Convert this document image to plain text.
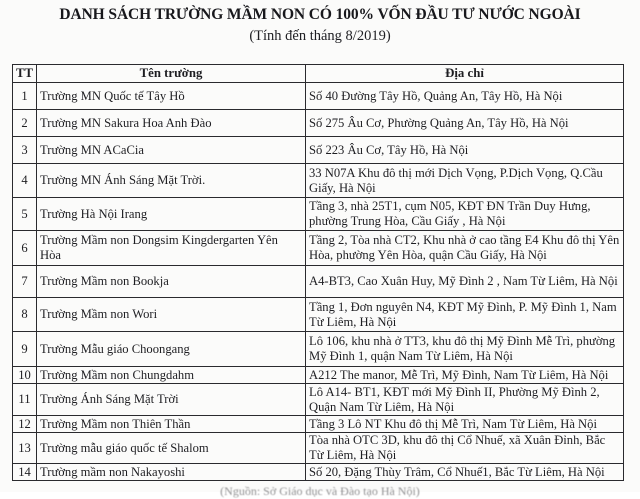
DANH SÁCH TRƯỜNG MẦM NON CÓ 100% VỐN ĐẦU TƯ NƯỚC NGOÀI
(Tính đến tháng 8/2019)
TT	Tên trường	Địa chỉ
1	Trường MN Quốc tế Tây Hồ	Số 40 Đường Tây Hồ, Quảng An, Tây Hồ, Hà Nội
2	Trường MN Sakura Hoa Anh Đào	Số 275 Âu Cơ, Phường Quảng An, Tây Hồ, Hà Nội
3	Trường MN ACaCia	Số 223 Âu Cơ, Tây Hồ, Hà Nội
4	Trường MN Ánh Sáng Mặt Trời.	33 N07A Khu đô thị mới Dịch Vọng, P.Dịch Vọng, Q.Cầu Giấy, Hà Nội
5	Trường Hà Nội Irang	Tầng 3, nhà 25T1, cụm N05, KĐT ĐN Trần Duy Hưng, phường Trung Hòa, Cầu Giấy , Hà Nội
6	Trường Mầm non Dongsim Kingdergarten Yên Hòa	Tầng 2, Tòa nhà CT2, Khu nhà ở cao tầng E4 Khu đô thị Yên Hòa, phường Yên Hòa, quận Cầu Giấy, Hà Nội
7	Trường Mầm non Bookja	A4-BT3, Cao Xuân Huy, Mỹ Đình 2 , Nam Từ Liêm, Hà Nội
8	Trường Mầm non Wori	Tầng 1, Đơn nguyên N4, KĐT Mỹ Đình, P. Mỹ Đình 1, Nam Từ Liêm, Hà Nội
9	Trường Mẫu giáo Choongang	Lô 106, khu nhà ở TT3, khu đô thị Mỹ Đình Mễ Trì, phường Mỹ Đình 1, quận Nam Từ Liêm, Hà Nội
10	Trường Mầm non Chungdahm	A212 The manor, Mễ Trì, Mỹ Đình, Nam Từ Liêm, Hà Nội
11	Trường Ánh Sáng Mặt Trời	Lô A14- BT1, KĐT mới Mỹ Đình II, Phường Mỹ Đình 2, Quận Nam Từ Liêm, Hà Nội
12	Trường Mầm non Thiên Thần	Tầng 3 Lô NT Khu đô thị Mễ Trì, Nam Từ Liêm, Hà Nội
13	Trường mẫu giáo quốc tế Shalom	Tòa nhà OTC 3D, khu đô thị Cổ Nhuế, xã Xuân Đỉnh, Bắc Từ Liêm, Hà Nội
14	Trường mầm non Nakayoshi	Số 20, Đặng Thùy Trâm, Cổ Nhuế1, Bắc Từ Liêm, Hà Nội
(Nguồn: Sở Giáo dục và Đào tạo Hà Nội)
